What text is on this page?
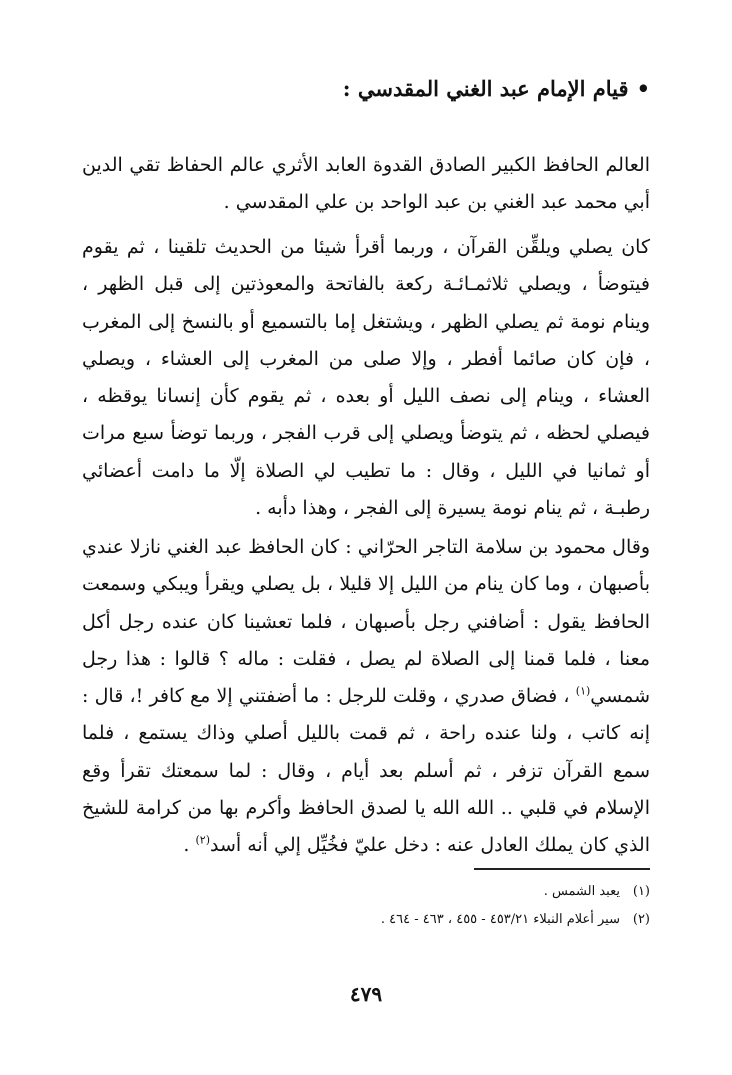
•قيام الإمام عبد الغني المقدسي :

العالم الحافظ الكبير الصادق القدوة العابد الأثري عالم الحفاظ تقي الدين أبي محمد عبد الغني بن عبد الواحد بن علي المقدسي .

كان يصلي ويلقِّن القرآن ، وربما أقرأ شيئا من الحديث تلقينا ، ثم يقوم فيتوضأ ، ويصلي ثلاثمـائـة ركعة بالفاتحة والمعوذتين إلى قبل الظهر ، وينام نومة ثم يصلي الظهر ، ويشتغل إما بالتسميع أو بالنسخ إلى المغرب ، فإن كان صائما أفطر ، وإلا صلى من المغرب إلى العشاء ، ويصلي العشاء ، وينام إلى نصف الليل أو بعده ، ثم يقوم كأن إنسانا يوقظه ، فيصلي لحظه ، ثم يتوضأ ويصلي إلى قرب الفجر ، وربما توضأ سبع مرات أو ثمانيا في الليل ، وقال : ما تطيب لي الصلاة إلّا ما دامت أعضائي رطبـة ، ثم ينام نومة يسيرة إلى الفجر ، وهذا دأبه .

وقال محمود بن سلامة التاجر الحرّاني : كان الحافظ عبد الغني نازلا عندي بأصبهان ، وما كان ينام من الليل إلا قليلا ، بل يصلي ويقرأ ويبكي وسمعت الحافظ يقول : أضافني رجل بأصبهان ، فلما تعشينا كان عنده رجل أكل معنا ، فلما قمنا إلى الصلاة لم يصل ، فقلت : ماله ؟ قالوا : هذا رجل شمسي$^{(١)}$ ، فضاق صدري ، وقلت للرجل : ما أضفتني إلا مع كافر !، قال : إنه كاتب ، ولنا عنده راحة ، ثم قمت بالليل أصلي وذاك يستمع ، فلما سمع القرآن تزفر ، ثم أسلم بعد أيام ، وقال : لما سمعتك تقرأ وقع الإسلام في قلبي .. الله الله يا لصدق الحافظ وأكرم بها من كرامة للشيخ الذي كان يملك العادل عنه : دخل عليّ فخُيِّل إلي أنه أسد$^{(٢)}$ .

(١)يعبد الشمس .
(٢)سير أعلام النبلاء ٤٥٣/٢١ - ٤٥٥ ، ٤٦٣ - ٤٦٤ .
٤٧٩
